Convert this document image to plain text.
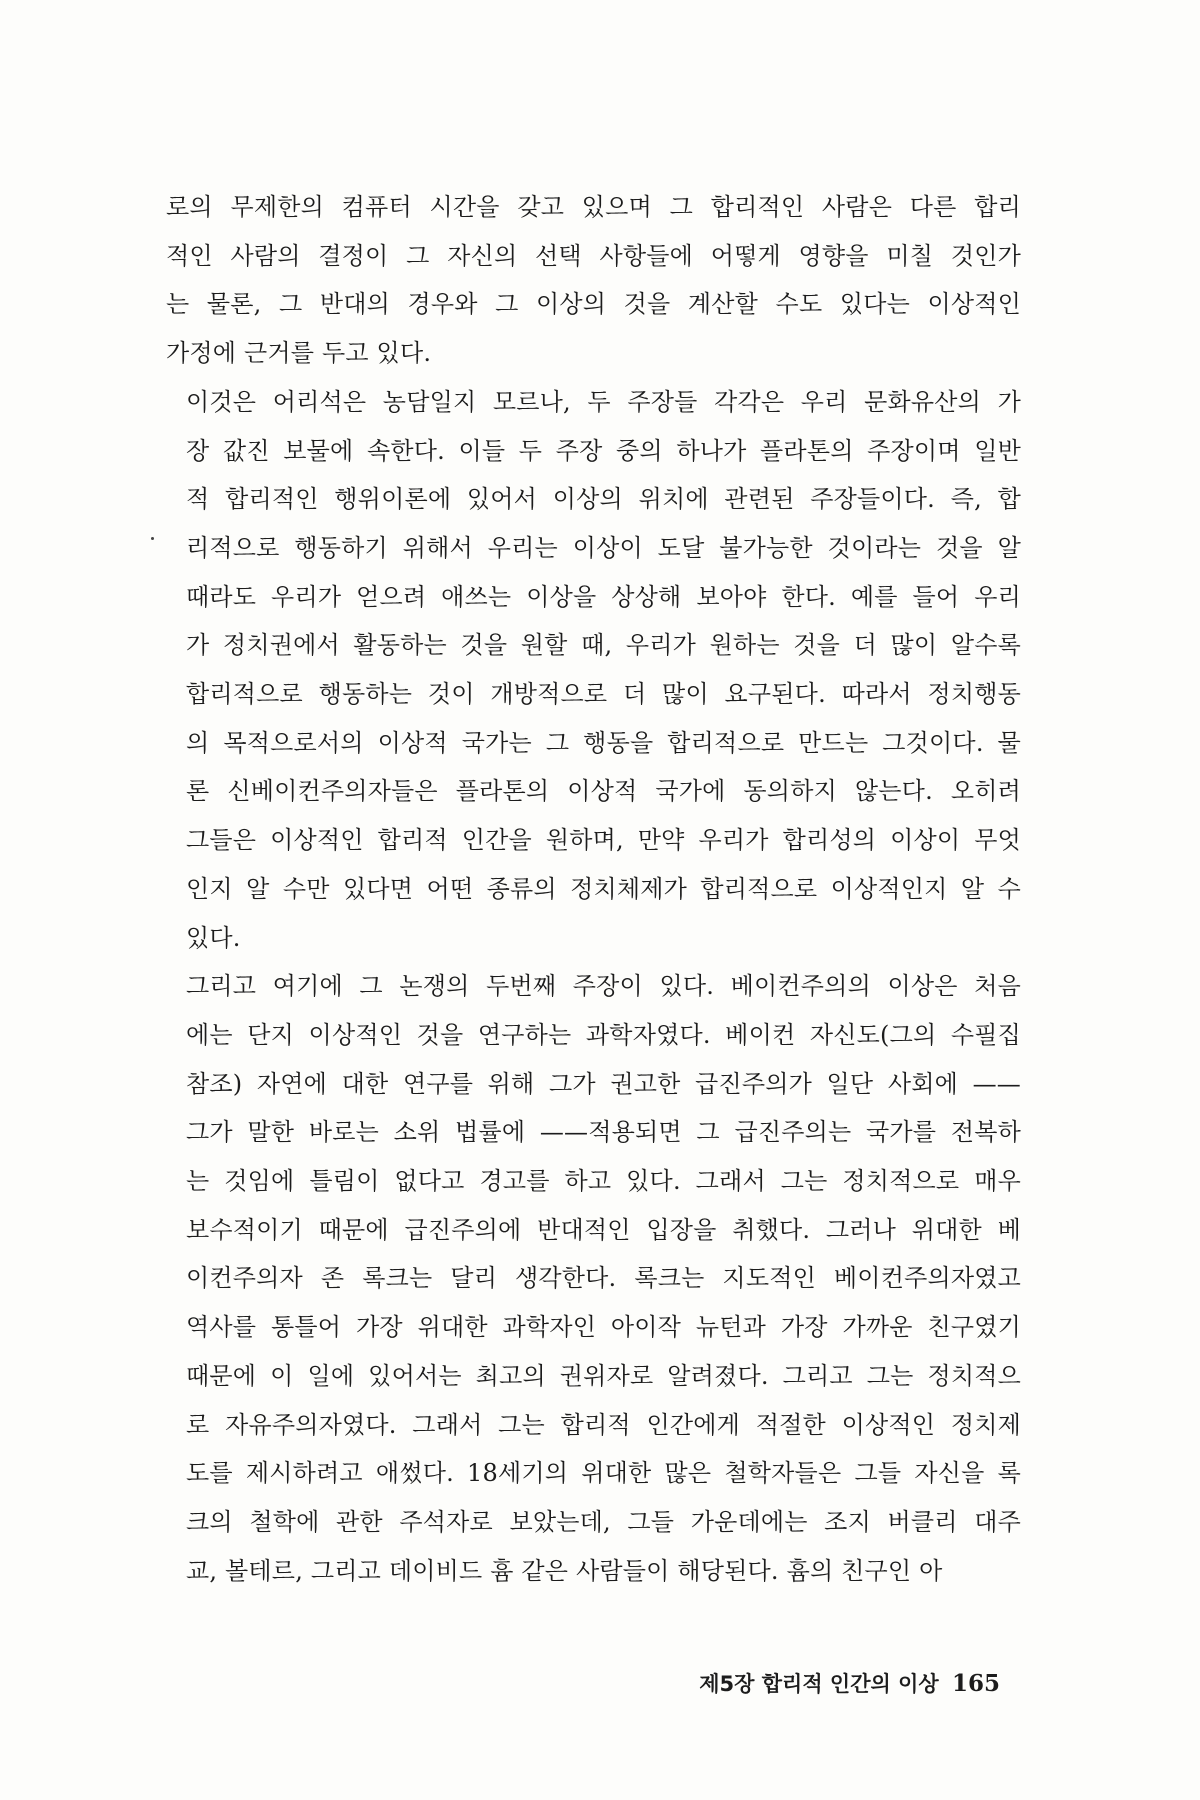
로의 무제한의 컴퓨터 시간을 갖고 있으며 그 합리적인 사람은 다른 합리
적인 사람의 결정이 그 자신의 선택 사항들에 어떻게 영향을 미칠 것인가
는 물론, 그 반대의 경우와 그 이상의 것을 계산할 수도 있다는 이상적인
가정에 근거를 두고 있다.
이것은 어리석은 농담일지 모르나, 두 주장들 각각은 우리 문화유산의 가
장 값진 보물에 속한다. 이들 두 주장 중의 하나가 플라톤의 주장이며 일반
적 합리적인 행위이론에 있어서 이상의 위치에 관련된 주장들이다. 즉, 합
리적으로 행동하기 위해서 우리는 이상이 도달 불가능한 것이라는 것을 알
때라도 우리가 얻으려 애쓰는 이상을 상상해 보아야 한다. 예를 들어 우리
가 정치권에서 활동하는 것을 원할 때, 우리가 원하는 것을 더 많이 알수록
합리적으로 행동하는 것이 개방적으로 더 많이 요구된다. 따라서 정치행동
의 목적으로서의 이상적 국가는 그 행동을 합리적으로 만드는 그것이다. 물
론 신베이컨주의자들은 플라톤의 이상적 국가에 동의하지 않는다. 오히려
그들은 이상적인 합리적 인간을 원하며, 만약 우리가 합리성의 이상이 무엇
인지 알 수만 있다면 어떤 종류의 정치체제가 합리적으로 이상적인지 알 수
있다.
그리고 여기에 그 논쟁의 두번째 주장이 있다. 베이컨주의의 이상은 처음
에는 단지 이상적인 것을 연구하는 과학자였다. 베이컨 자신도(그의 수필집
참조) 자연에 대한 연구를 위해 그가 권고한 급진주의가 일단 사회에 ——
그가 말한 바로는 소위 법률에 ——적용되면 그 급진주의는 국가를 전복하
는 것임에 틀림이 없다고 경고를 하고 있다. 그래서 그는 정치적으로 매우
보수적이기 때문에 급진주의에 반대적인 입장을 취했다. 그러나 위대한 베
이컨주의자 존 록크는 달리 생각한다. 록크는 지도적인 베이컨주의자였고
역사를 통틀어 가장 위대한 과학자인 아이작 뉴턴과 가장 가까운 친구였기
때문에 이 일에 있어서는 최고의 권위자로 알려졌다. 그리고 그는 정치적으
로 자유주의자였다. 그래서 그는 합리적 인간에게 적절한 이상적인 정치제
도를 제시하려고 애썼다. 18세기의 위대한 많은 철학자들은 그들 자신을 록
크의 철학에 관한 주석자로 보았는데, 그들 가운데에는 조지 버클리 대주
교, 볼테르, 그리고 데이비드 흄 같은 사람들이 해당된다. 흄의 친구인 아
제5장 합리적 인간의 이상 165
